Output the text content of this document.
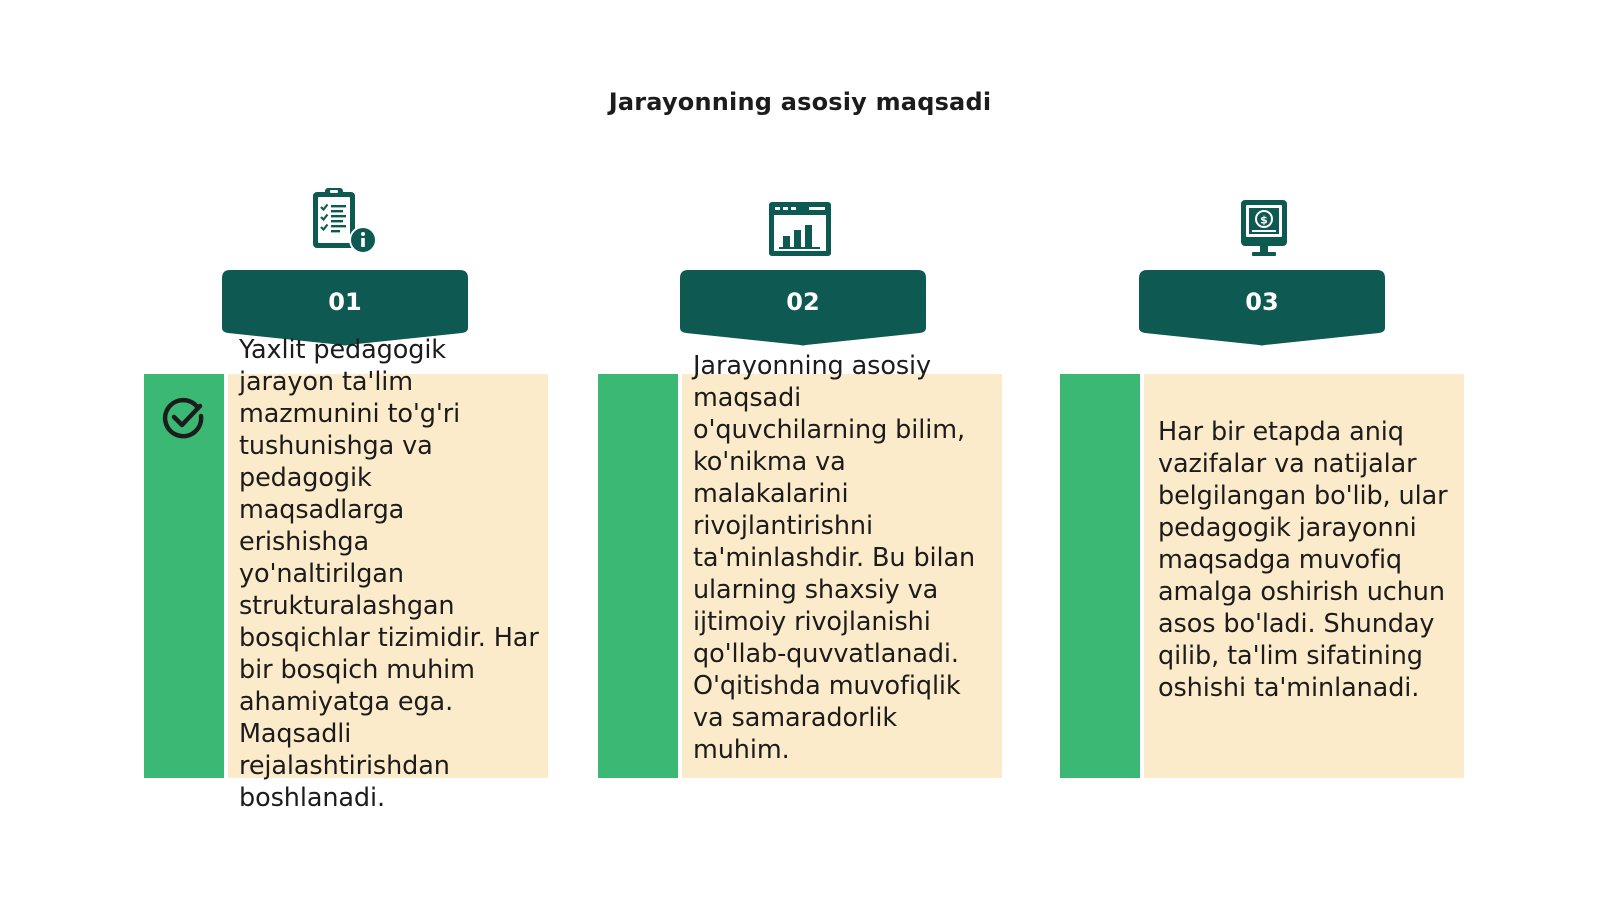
Jarayonning asosiy maqsadi
01
Yaxlit pedagogik jarayon ta'lim mazmunini to'g'ri tushunishga va pedagogik maqsadlarga erishishga yo'naltirilgan strukturalashgan bosqichlar tizimidir. Har bir bosqich muhim ahamiyatga ega. Maqsadli rejalashtirishdan boshlanadi.
02
Jarayonning asosiy maqsadi o'quvchilarning bilim, ko'nikma va malakalarini rivojlantirishni ta'minlashdir. Bu bilan ularning shaxsiy va ijtimoiy rivojlanishi qo'llab-quvvatlanadi. O'qitishda muvofiqlik va samaradorlik muhim.
$
03
Har bir etapda aniq vazifalar va natijalar belgilangan bo'lib, ular pedagogik jarayonni maqsadga muvofiq amalga oshirish uchun asos bo'ladi. Shunday qilib, ta'lim sifatining oshishi ta'minlanadi.
